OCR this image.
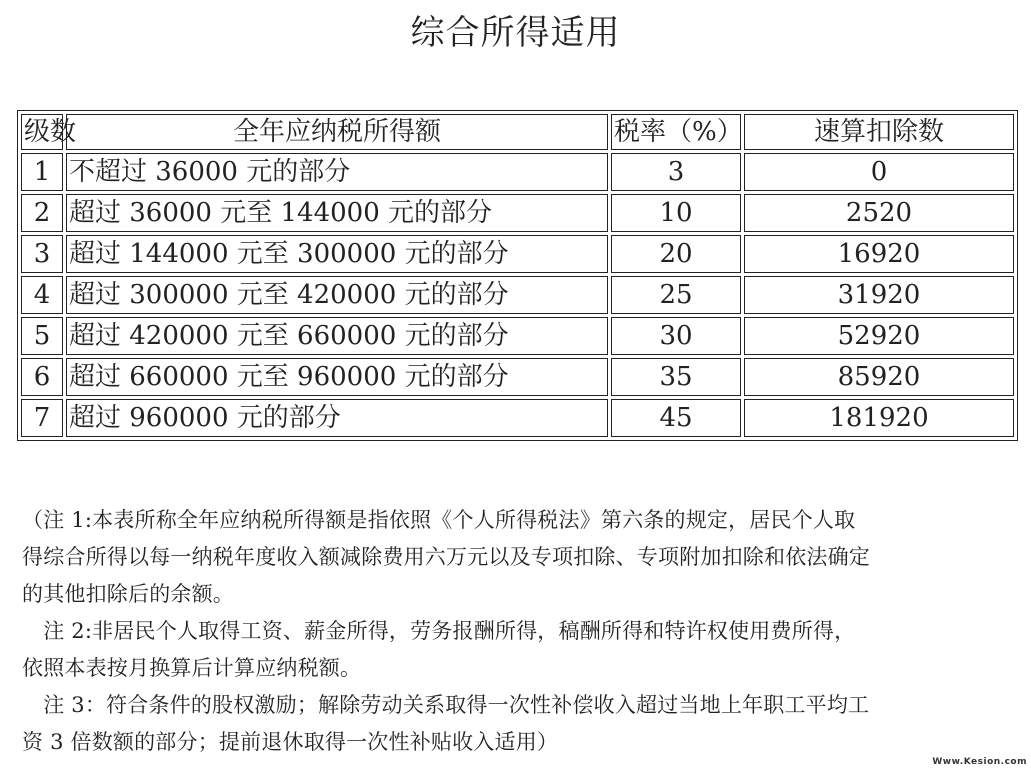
综合所得适用
级数	全年应纳税所得额	税率（%）	速算扣除数
1	不超过 36000 元的部分	3	0
2	超过 36000 元至 144000 元的部分	10	2520
3	超过 144000 元至 300000 元的部分	20	16920
4	超过 300000 元至 420000 元的部分	25	31920
5	超过 420000 元至 660000 元的部分	30	52920
6	超过 660000 元至 960000 元的部分	35	85920
7	超过 960000 元的部分	45	181920

（注 1:本表所称全年应纳税所得额是指依照《个人所得税法》第六条的规定，居民个人取

得综合所得以每一纳税年度收入额减除费用六万元以及专项扣除、专项附加扣除和依法确定

的其他扣除后的余额。

　注 2:非居民个人取得工资、薪金所得，劳务报酬所得，稿酬所得和特许权使用费所得，

依照本表按月换算后计算应纳税额。

　注 3：符合条件的股权激励；解除劳动关系取得一次性补偿收入超过当地上年职工平均工

资 3 倍数额的部分；提前退休取得一次性补贴收入适用）

Www.Kesion.com
